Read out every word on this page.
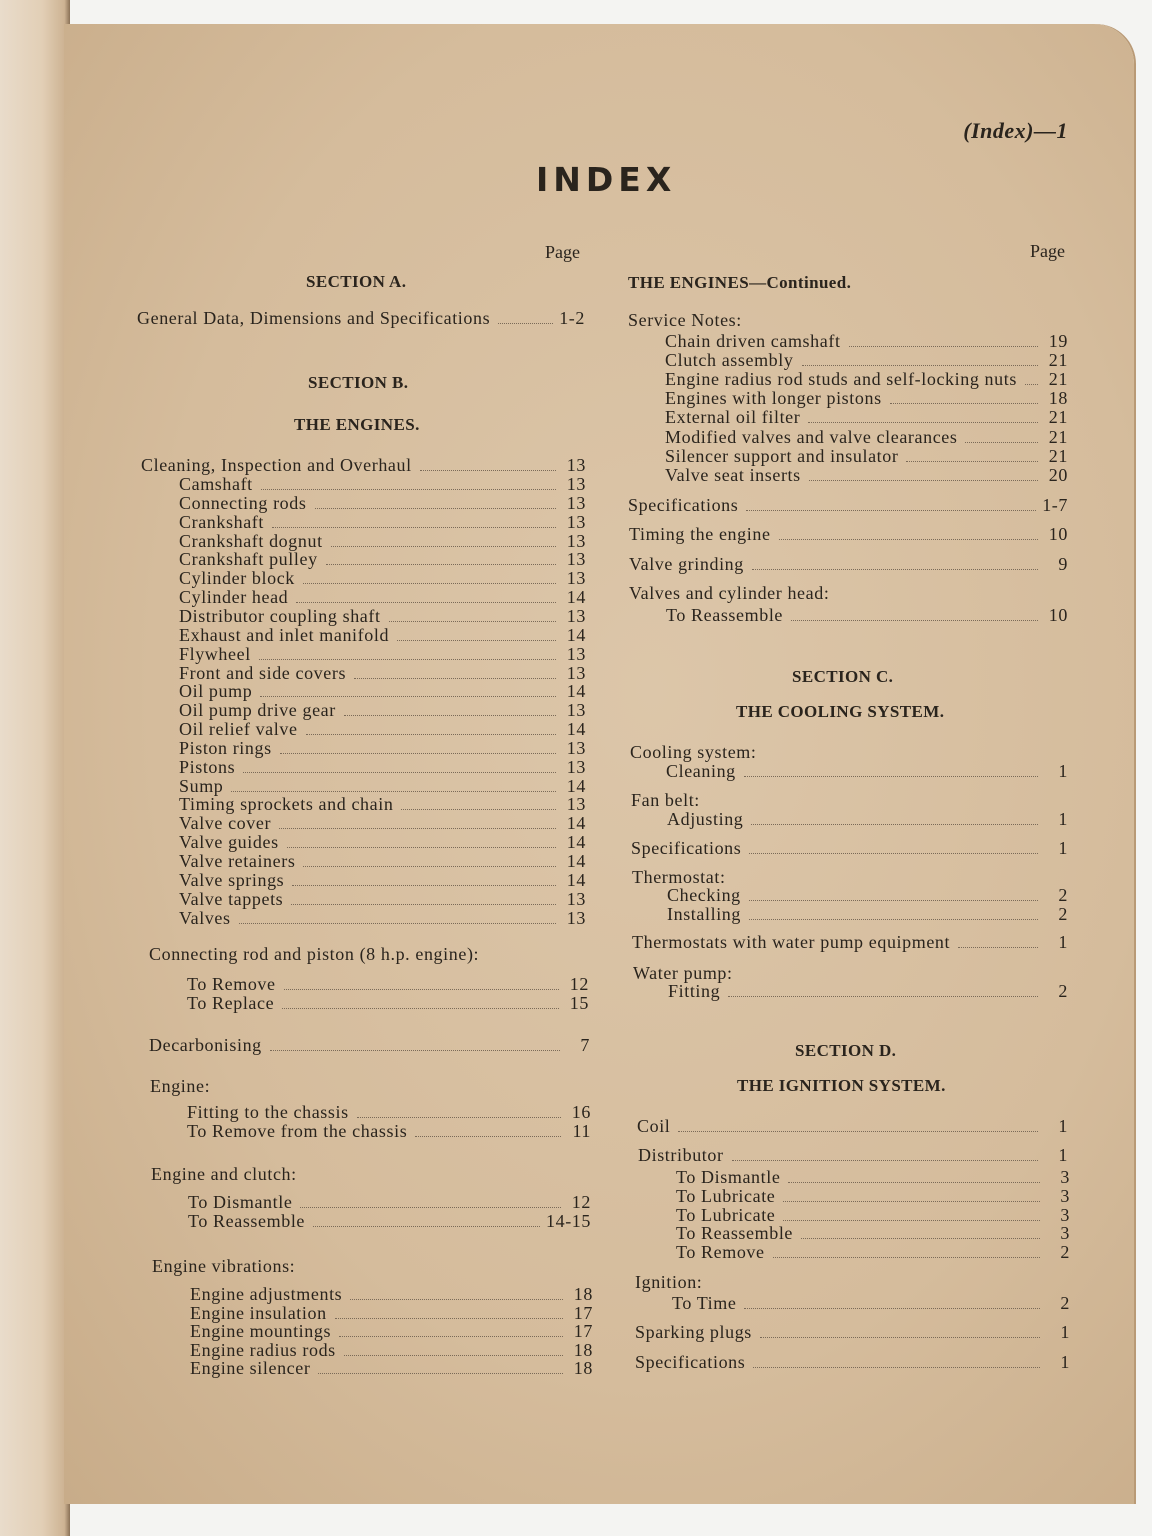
(Index)—1
INDEX
Page	Page
SECTION A.
General Data, Dimensions and Specifications	1-2
SECTION B.
THE ENGINES.
Cleaning, Inspection and Overhaul	13
Camshaft	13
Connecting rods	13
Crankshaft	13
Crankshaft dognut	13
Crankshaft pulley	13
Cylinder block	13
Cylinder head	14
Distributor coupling shaft	13
Exhaust and inlet manifold	14
Flywheel	13
Front and side covers	13
Oil pump	14
Oil pump drive gear	13
Oil relief valve	14
Piston rings	13
Pistons	13
Sump	14
Timing sprockets and chain	13
Valve cover	14
Valve guides	14
Valve retainers	14
Valve springs	14
Valve tappets	13
Valves	13
Connecting rod and piston (8 h.p. engine):
To Remove	12
To Replace	15
Decarbonising	7
Engine:
Fitting to the chassis	16
To Remove from the chassis	11
Engine and clutch:
To Dismantle	12
To Reassemble	14-15
Engine vibrations:
Engine adjustments	18
Engine insulation	17
Engine mountings	17
Engine radius rods	18
Engine silencer	18
THE ENGINES—Continued.
Service Notes:
Chain driven camshaft	19
Clutch assembly	21
Engine radius rod studs and self-locking nuts 21
Engines with longer pistons	18
External oil filter	21
Modified valves and valve clearances	21
Silencer support and insulator	21
Valve seat inserts	20
Specifications	1-7
Timing the engine	10
Valve grinding	9
Valves and cylinder head:
To Reassemble	10
SECTION C.
THE COOLING SYSTEM.
Cooling system:
Cleaning	1
Fan belt:
Adjusting	1
Specifications	1
Thermostat:
Checking	2
Installing	2
Thermostats with water pump equipment	1
Water pump:
Fitting	2
SECTION D.
THE IGNITION SYSTEM.
Coil	1
Distributor	1
To Dismantle	3
To Lubricate	3
To Lubricate	3
To Reassemble	3
To Remove	2
Ignition:
To Time	2
Sparking plugs	1
Specifications	1
